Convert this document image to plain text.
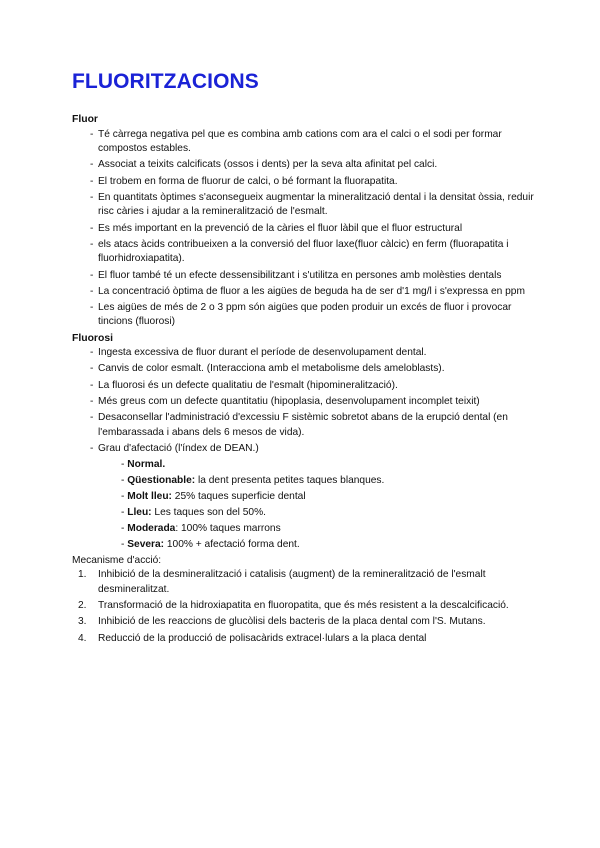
FLUORITZACIONS
Fluor
- Té càrrega negativa pel que es combina amb cations com ara el calci o el sodi per formar compostos estables.
- Associat a teixits calcificats (ossos i dents) per la seva alta afinitat pel calci.
- El trobem en forma de fluorur de calci, o bé formant la fluorapatita.
- En quantitats òptimes s'aconsegueix augmentar la mineralització dental i la densitat òssia, reduir risc càries i ajudar a la remineralització de l'esmalt.
- Es més important en la prevenció de la càries el fluor làbil que el fluor estructural
- els atacs àcids contribueixen a la conversió del fluor laxe(fluor càlcic) en ferm (fluorapatita i fluorhidroxiapatita).
- El fluor també té un efecte dessensibilitzant i s'utilitza en persones amb molèsties dentals
- La concentració òptima de fluor a les aigües de beguda ha de ser d'1 mg/l i s'expressa en ppm
- Les aigües de més de 2 o 3 ppm són aigües que poden produir un excés de fluor i provocar tincions (fluorosi)
Fluorosi
- Ingesta excessiva de fluor durant el període de desenvolupament dental.
- Canvis de color esmalt. (Interacciona amb el metabolisme dels ameloblasts).
- La fluorosi és un defecte qualitatiu de l'esmalt (hipomineralització).
- Més greus com un defecte quantitatiu (hipoplasia, desenvolupament incomplet teixit)
- Desaconsellar l'administració d'excessiu F sistèmic sobretot abans de la erupció dental (en l'embarassada i abans dels 6 mesos de vida).
- Grau d'afectació (l'índex de DEAN.)
- Normal.
- Qüestionable: la dent presenta petites taques blanques.
- Molt lleu: 25% taques superficie dental
- Lleu: Les taques son del 50%.
- Moderada: 100% taques marrons
- Severa: 100% + afectació forma dent.
Mecanisme d'acció:
1. Inhibició de la desmineralització i catalisis (augment) de la remineralització de l'esmalt desmineralitzat.
2. Transformació de la hidroxiapatita en fluoropatita, que és més resistent a la descalcificació.
3. Inhibició de les reaccions de glucòlisi dels bacteris de la placa dental com l'S. Mutans.
4. Reducció de la producció de polisacàrids extracel·lulars a la placa dental
